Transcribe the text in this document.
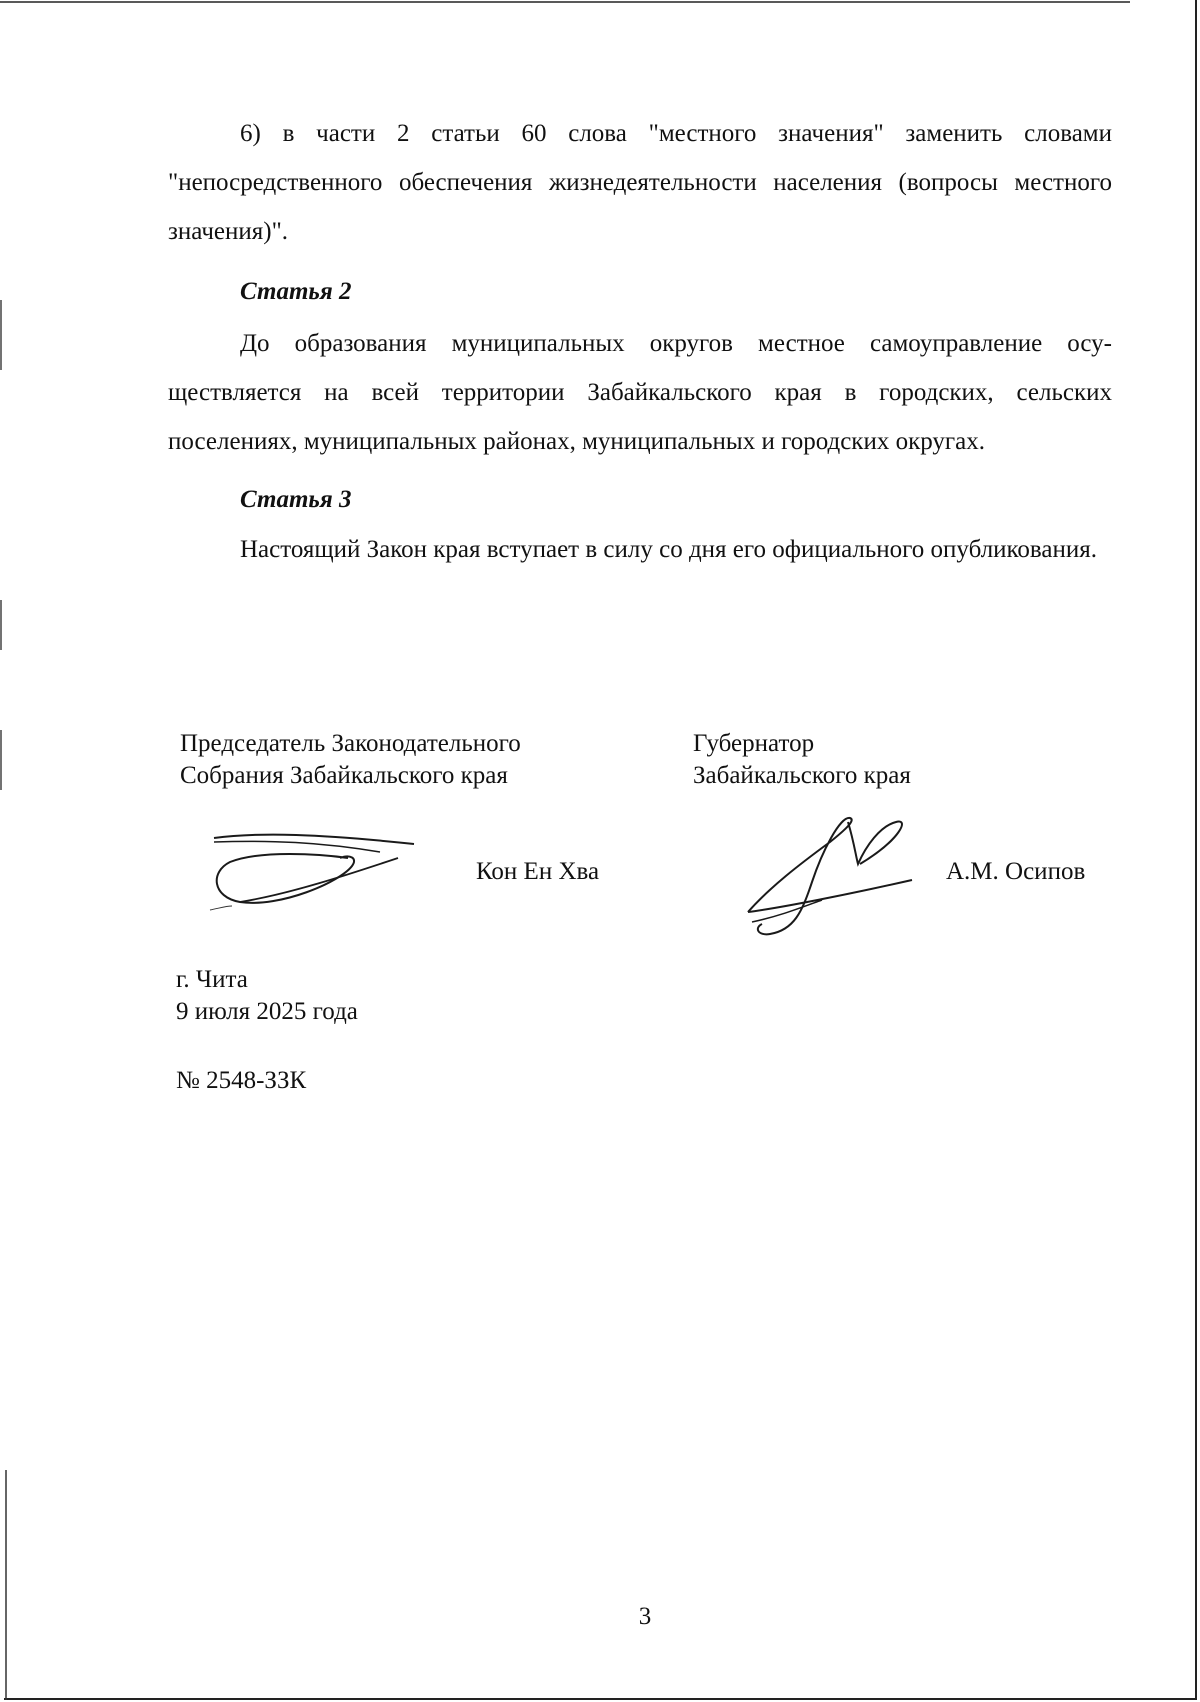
6) в части 2 статьи 60 слова "местного значения" заменить словами "непосредственного обеспечения жизнедеятельности населения (вопросы местного значения)".

Статья 2

До образования муниципальных округов местное самоуправление осуществляется на всей территории Забайкальского края в городских, сельских поселениях, муниципальных районах, муниципальных и городских округах.

Статья 3

Настоящий Закон края вступает в силу со дня его официального опубликования.

Председатель Законодательного
Собрания Забайкальского края
Губернатор
Забайкальского края

Кон Ен Хва	А.М. Осипов

г. Чита
9 июля 2025 года

№ 2548-ЗЗК

3
